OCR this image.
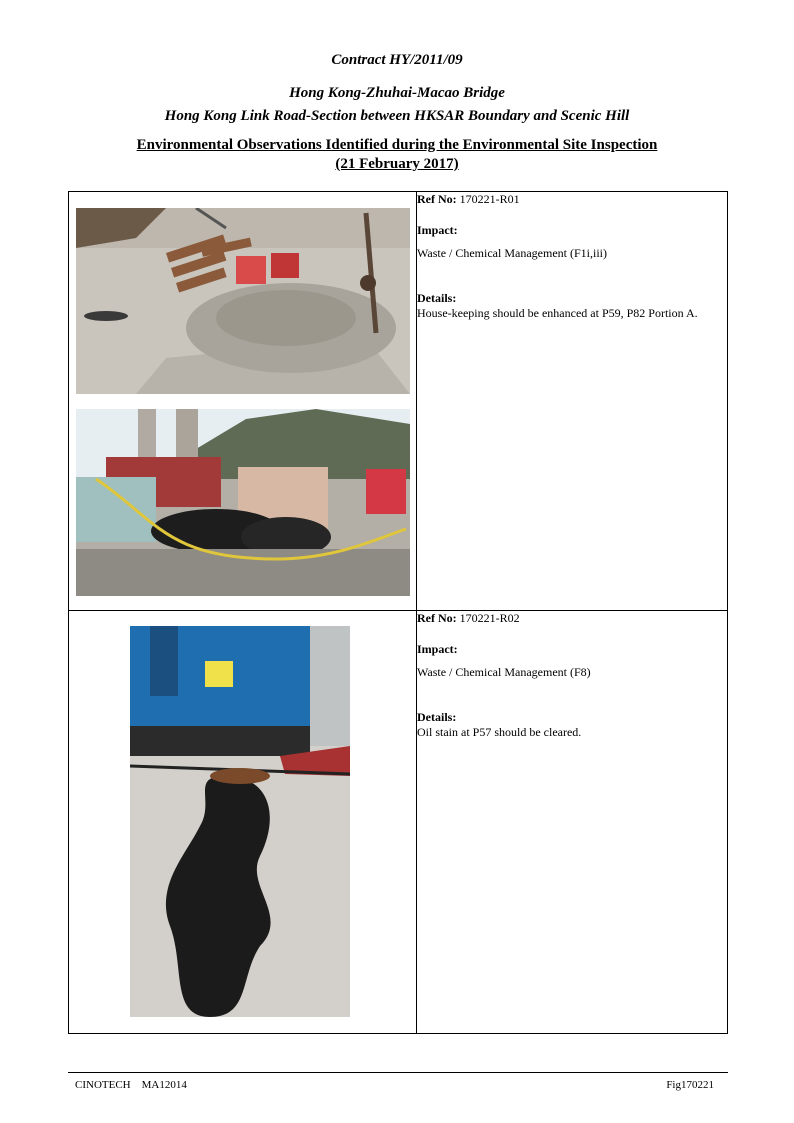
Contract HY/2011/09
Hong Kong-Zhuhai-Macao Bridge
Hong Kong Link Road-Section between HKSAR Boundary and Scenic Hill
Environmental Observations Identified during the Environmental Site Inspection
(21 February 2017)

Ref No: 170221-R01
Impact:
Waste / Chemical Management (F1i,iii)
Details:
House-keeping should be enhanced at P59, P82 Portion A.

Ref No: 170221-R02
Impact:
Waste / Chemical Management (F8)
Details:
Oil stain at P57 should be cleared.
CINOTECH MA12014	Fig170221
